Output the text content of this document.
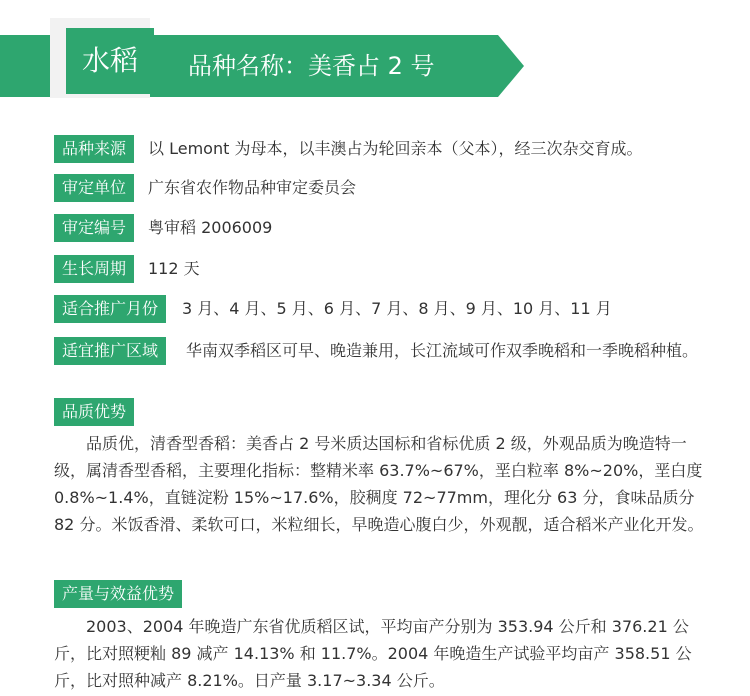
水稻	品种名称：美香占 2 号
品种来源	以 Lemont 为母本，以丰澳占为轮回亲本（父本），经三次杂交育成。
审定单位	广东省农作物品种审定委员会
审定编号	粤审稻 2006009
生长周期	112 天
适合推广月份	3 月、4 月、5 月、6 月、7 月、8 月、9 月、10 月、11 月
适宜推广区域	华南双季稻区可早、晚造兼用，长江流域可作双季晚稻和一季晚稻种植。
品质优势
品质优，清香型香稻：美香占 2 号米质达国标和省标优质 2 级，外观品质为晚造特一级，属清香型香稻，主要理化指标：整精米率 63.7%~67%，垩白粒率 8%~20%，垩白度 0.8%~1.4%，直链淀粉 15%~17.6%，胶稠度 72~77mm，理化分 63 分，食味品质分 82 分。米饭香滑、柔软可口，米粒细长，早晚造心腹白少，外观靓，适合稻米产业化开发。
产量与效益优势
2003、2004 年晚造广东省优质稻区试，平均亩产分别为 353.94 公斤和 376.21 公斤，比对照粳籼 89 减产 14.13% 和 11.7%。2004 年晚造生产试验平均亩产 358.51 公斤，比对照种减产 8.21%。日产量 3.17~3.34 公斤。
